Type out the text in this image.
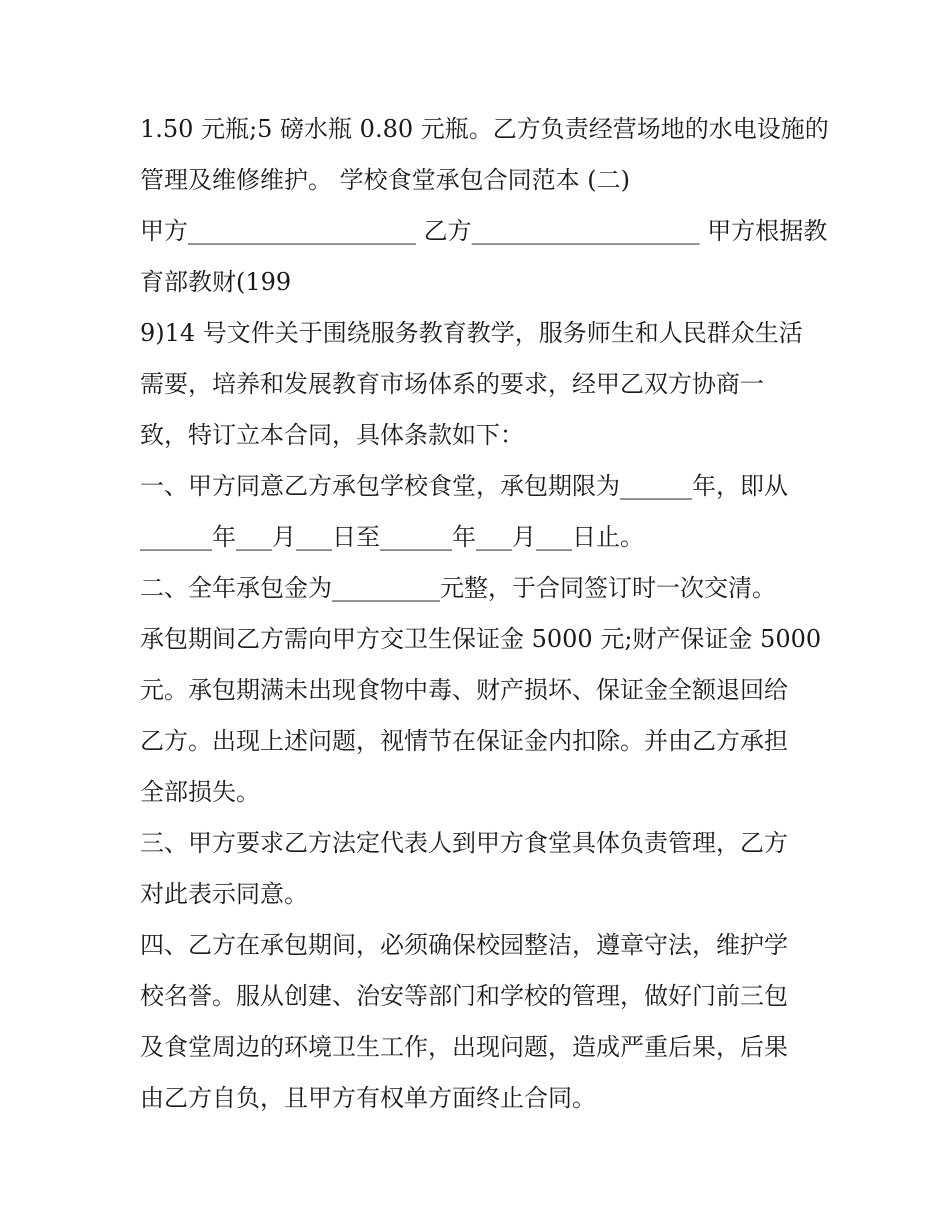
1.50 元瓶;5 磅水瓶 0.80 元瓶。乙方负责经营场地的水电设施的
管理及维修维护。 学校食堂承包合同范本 (二)
甲方___________________ 乙方___________________ 甲方根据教
育部教财(199
9)14 号文件关于围绕服务教育教学，服务师生和人民群众生活
需要，培养和发展教育市场体系的要求，经甲乙双方协商一
致，特订立本合同，具体条款如下：
一、甲方同意乙方承包学校食堂，承包期限为______年，即从
______年___月___日至______年___月___日止。
二、全年承包金为_________元整，于合同签订时一次交清。
承包期间乙方需向甲方交卫生保证金 5000 元;财产保证金 5000
元。承包期满未出现食物中毒、财产损坏、保证金全额退回给
乙方。出现上述问题，视情节在保证金内扣除。并由乙方承担
全部损失。
三、甲方要求乙方法定代表人到甲方食堂具体负责管理，乙方
对此表示同意。
四、乙方在承包期间，必须确保校园整洁，遵章守法，维护学
校名誉。服从创建、治安等部门和学校的管理，做好门前三包
及食堂周边的环境卫生工作，出现问题，造成严重后果，后果
由乙方自负，且甲方有权单方面终止合同。
